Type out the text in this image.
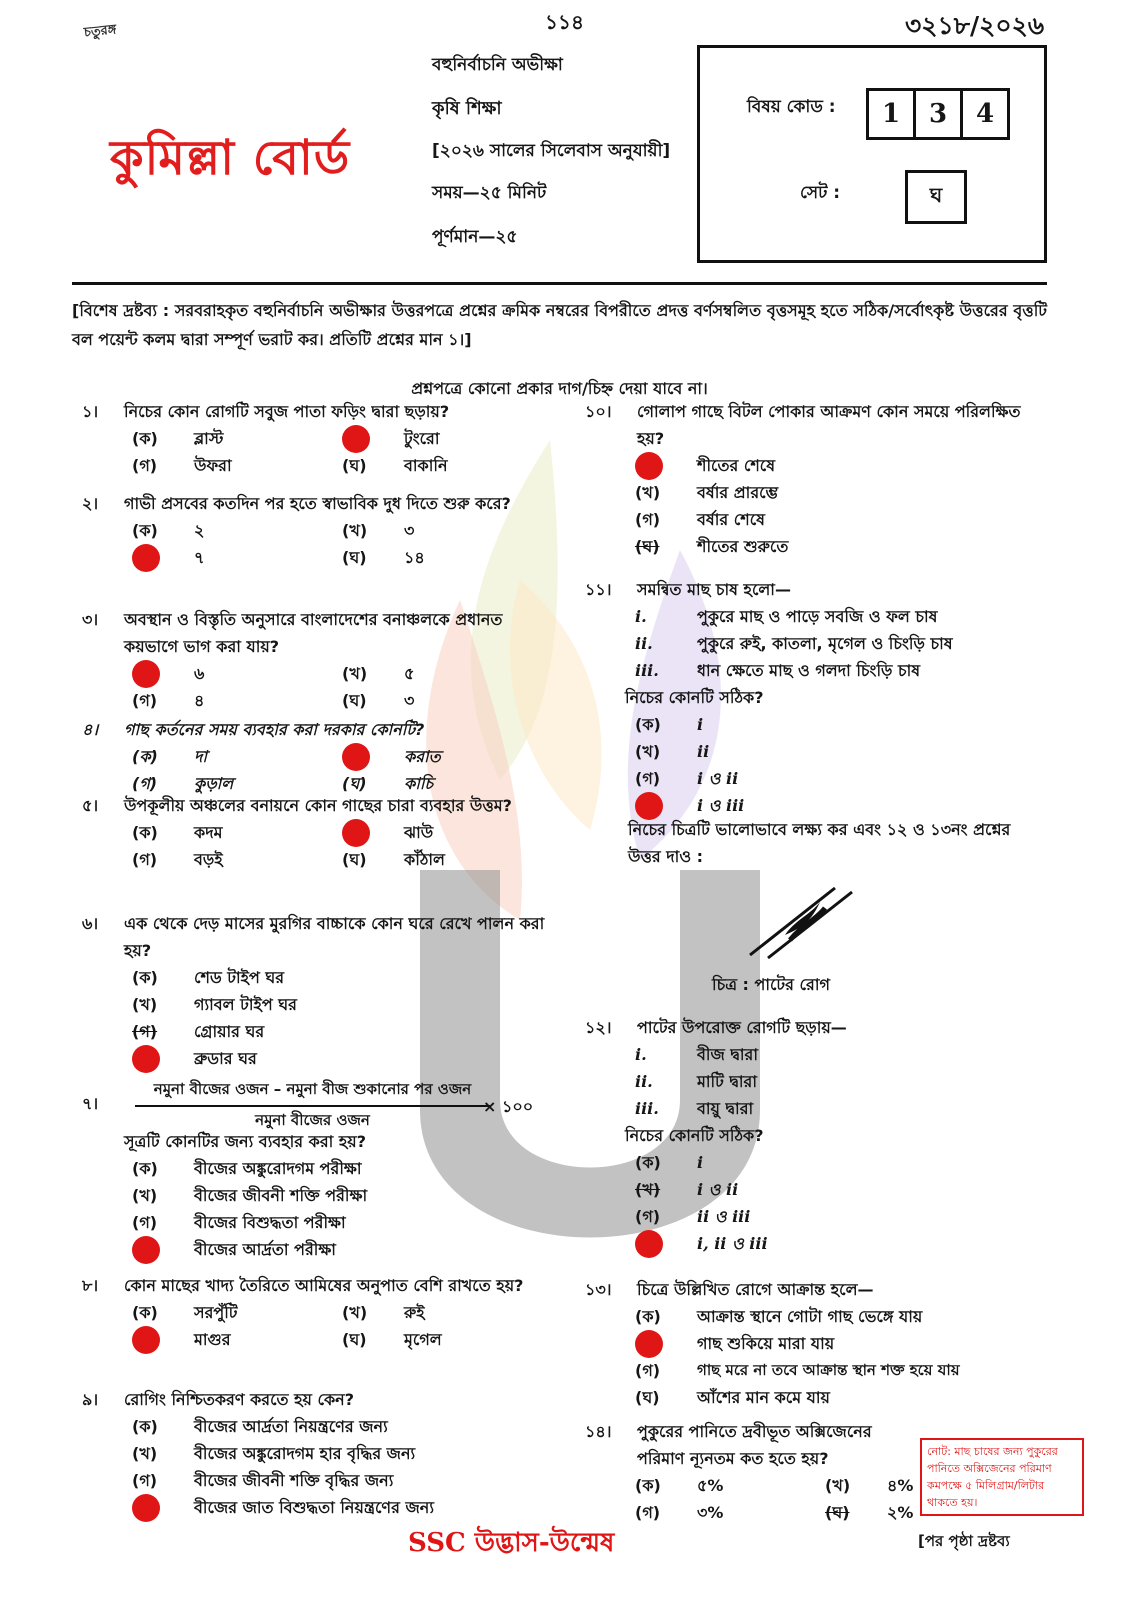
চতুরঙ্গ	১১৪	৩২১৮/২০২৬
কুমিল্লা বোর্ড
বহুনির্বাচনি অভীক্ষা
কৃষি শিক্ষা
[২০২৬ সালের সিলেবাস অনুযায়ী]
সময়—২৫ মিনিট
পূর্ণমান—২৫
বিষয় কোড :	1	3	4
সেট :	ঘ
[বিশেষ দ্রষ্টব্য : সরবরাহকৃত বহুনির্বাচনি অভীক্ষার উত্তরপত্রে প্রশ্নের ক্রমিক নম্বরের বিপরীতে প্রদত্ত বর্ণসম্বলিত বৃত্তসমূহ হতে সঠিক/সর্বোৎকৃষ্ট উত্তরের বৃত্তটি বল পয়েন্ট কলম দ্বারা সম্পূর্ণ ভরাট কর। প্রতিটি প্রশ্নের মান ১।]
প্রশ্নপত্রে কোনো প্রকার দাগ/চিহ্ন দেয়া যাবে না।
১।	নিচের কোন রোগটি সবুজ পাতা ফড়িং দ্বারা ছড়ায়?
(ক)	ব্লাস্ট	টুংরো
(গ)	উফরা	(ঘ)	বাকানি
২।	গাভী প্রসবের কতদিন পর হতে স্বাভাবিক দুধ দিতে শুরু করে?
(ক)	২	(খ)	৩
৭	(ঘ)	১৪
৩।	অবস্থান ও বিস্তৃতি অনুসারে বাংলাদেশের বনাঞ্চলকে প্রধানত কয়ভাগে ভাগ করা যায়?
৬	(খ)	৫
(গ)	৪	(ঘ)	৩
৪।	গাছ কর্তনের সময় ব্যবহার করা দরকার কোনটি?
(ক)	দা	করাত
(গ)	কুড়াল	(ঘ)	কাচি
৫।	উপকূলীয় অঞ্চলের বনায়নে কোন গাছের চারা ব্যবহার উত্তম?
(ক)	কদম	ঝাউ
(গ)	বড়ই	(ঘ)	কাঁঠাল
৬।	এক থেকে দেড় মাসের মুরগির বাচ্চাকে কোন ঘরে রেখে পালন করা হয়?
(ক)	শেড টাইপ ঘর
(খ)	গ্যাবল টাইপ ঘর
(গ)	গ্রোয়ার ঘর
ব্রুডার ঘর
৭।
নমুনা বীজের ওজন – নমুনা বীজ শুকানোর পর ওজন
নমুনা বীজের ওজন
× ১০০
সূত্রটি কোনটির জন্য ব্যবহার করা হয়?
(ক)	বীজের অঙ্কুরোদগম পরীক্ষা
(খ)	বীজের জীবনী শক্তি পরীক্ষা
(গ)	বীজের বিশুদ্ধতা পরীক্ষা
বীজের আর্দ্রতা পরীক্ষা
৮।	কোন মাছের খাদ্য তৈরিতে আমিষের অনুপাত বেশি রাখতে হয়?
(ক)	সরপুঁটি	(খ)	রুই
মাগুর	(ঘ)	মৃগেল
৯।	রোগিং নিশ্চিতকরণ করতে হয় কেন?
(ক)	বীজের আর্দ্রতা নিয়ন্ত্রণের জন্য
(খ)	বীজের অঙ্কুরোদগম হার বৃদ্ধির জন্য
(গ)	বীজের জীবনী শক্তি বৃদ্ধির জন্য
বীজের জাত বিশুদ্ধতা নিয়ন্ত্রণের জন্য
১০।	গোলাপ গাছে বিটল পোকার আক্রমণ কোন সময়ে পরিলক্ষিত হয়?
শীতের শেষে
(খ)	বর্ষার প্রারম্ভে
(গ)	বর্ষার শেষে
(ঘ)	শীতের শুরুতে
১১।	সমন্বিত মাছ চাষ হলো—
i.	পুকুরে মাছ ও পাড়ে সবজি ও ফল চাষ
ii.	পুকুরে রুই, কাতলা, মৃগেল ও চিংড়ি চাষ
iii.	ধান ক্ষেতে মাছ ও গলদা চিংড়ি চাষ
নিচের কোনটি সঠিক?
(ক)	i
(খ)	ii
(গ)	i ও ii
i ও iii
নিচের চিত্রটি ভালোভাবে লক্ষ্য কর এবং ১২ ও ১৩নং প্রশ্নের উত্তর দাও :
চিত্র : পাটের রোগ
১২।	পাটের উপরোক্ত রোগটি ছড়ায়—
i.	বীজ দ্বারা
ii.	মাটি দ্বারা
iii.	বায়ু দ্বারা
নিচের কোনটি সঠিক?
(ক)	i
(খ)	i ও ii
(গ)	ii ও iii
i, ii ও iii
১৩।	চিত্রে উল্লিখিত রোগে আক্রান্ত হলে—
(ক)	আক্রান্ত স্থানে গোটা গাছ ভেঙ্গে যায়
গাছ শুকিয়ে মারা যায়
(গ)	গাছ মরে না তবে আক্রান্ত স্থান শক্ত হয়ে যায়
(ঘ)	আঁশের মান কমে যায়
১৪।	পুকুরের পানিতে দ্রবীভূত অক্সিজেনের পরিমাণ ন্যূনতম কত হতে হয়?
(ক)	৫%	(খ)	৪%
(গ)	৩%	(ঘ)	২%
নোট: মাছ চাষের জন্য পুকুরের পানিতে অক্সিজেনের পরিমাণ কমপক্ষে ৫ মিলিগ্রাম/লিটার থাকতে হয়।
SSC উদ্ভাস-উন্মেষ	[পর পৃষ্ঠা দ্রষ্টব্য
